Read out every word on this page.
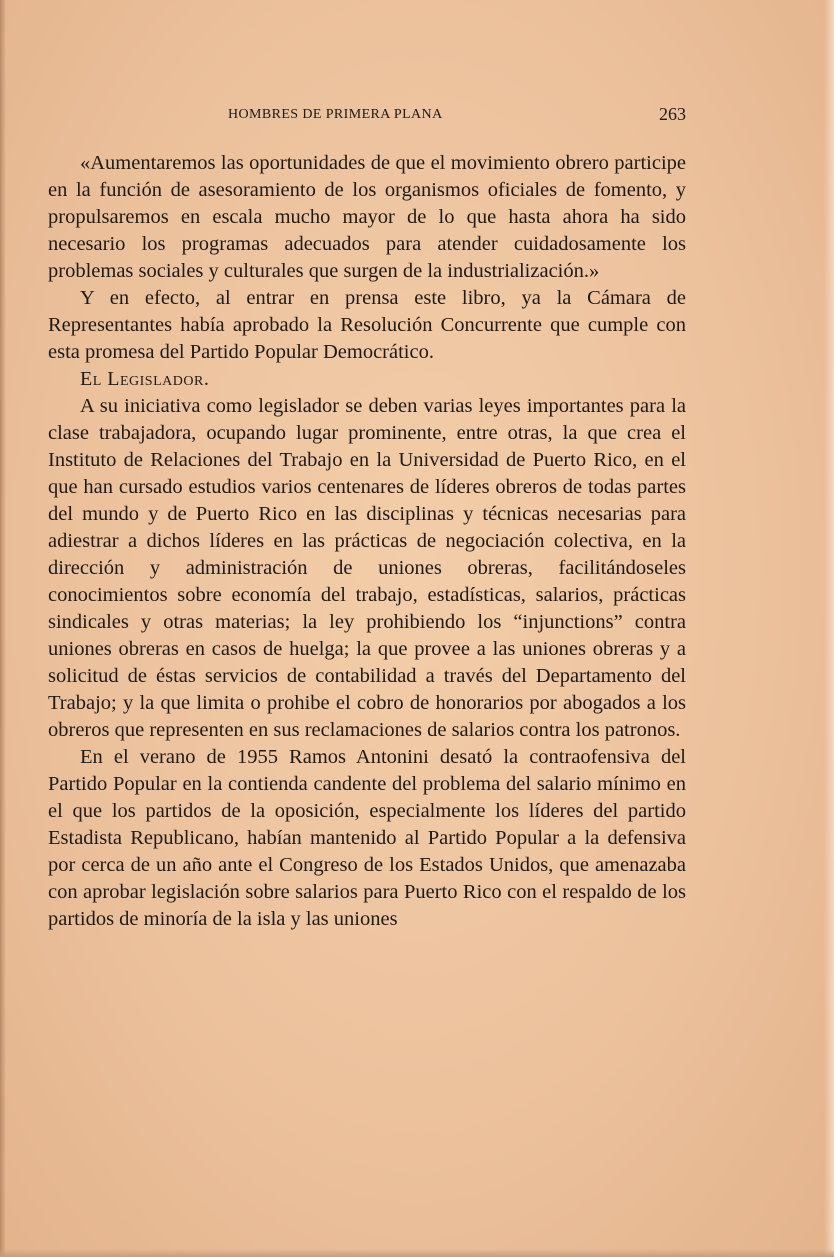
HOMBRES DE PRIMERA PLANA	263

«Aumentaremos las oportunidades de que el movimiento obrero participe en la función de asesoramiento de los organismos oficiales de fomento, y propulsaremos en escala mucho mayor de lo que hasta ahora ha sido necesario los programas adecuados para atender cuidadosamente los problemas sociales y culturales que surgen de la industrialización.»

Y en efecto, al entrar en prensa este libro, ya la Cámara de Representantes había aprobado la Resolución Concurrente que cumple con esta promesa del Partido Popular Democrático.

El Legislador.

A su iniciativa como legislador se deben varias leyes importantes para la clase trabajadora, ocupando lugar prominente, entre otras, la que crea el Instituto de Relaciones del Trabajo en la Universidad de Puerto Rico, en el que han cursado estudios varios centenares de líderes obreros de todas partes del mundo y de Puerto Rico en las disciplinas y técnicas necesarias para adiestrar a dichos líderes en las prácticas de negociación colectiva, en la dirección y administración de uniones obreras, facilitándoseles conocimientos sobre economía del trabajo, estadísticas, salarios, prácticas sindicales y otras materias; la ley prohibiendo los “injunctions” contra uniones obreras en casos de huelga; la que provee a las uniones obreras y a solicitud de éstas servicios de contabilidad a través del Departamento del Trabajo; y la que limita o prohibe el cobro de honorarios por abogados a los obreros que representen en sus reclamaciones de salarios contra los patronos.

En el verano de 1955 Ramos Antonini desató la contraofensiva del Partido Popular en la contienda candente del problema del salario mínimo en el que los partidos de la oposición, especialmente los líderes del partido Estadista Republicano, habían mantenido al Partido Popular a la defensiva por cerca de un año ante el Congreso de los Estados Unidos, que amenazaba con aprobar legislación sobre salarios para Puerto Rico con el respaldo de los partidos de minoría de la isla y las uniones
